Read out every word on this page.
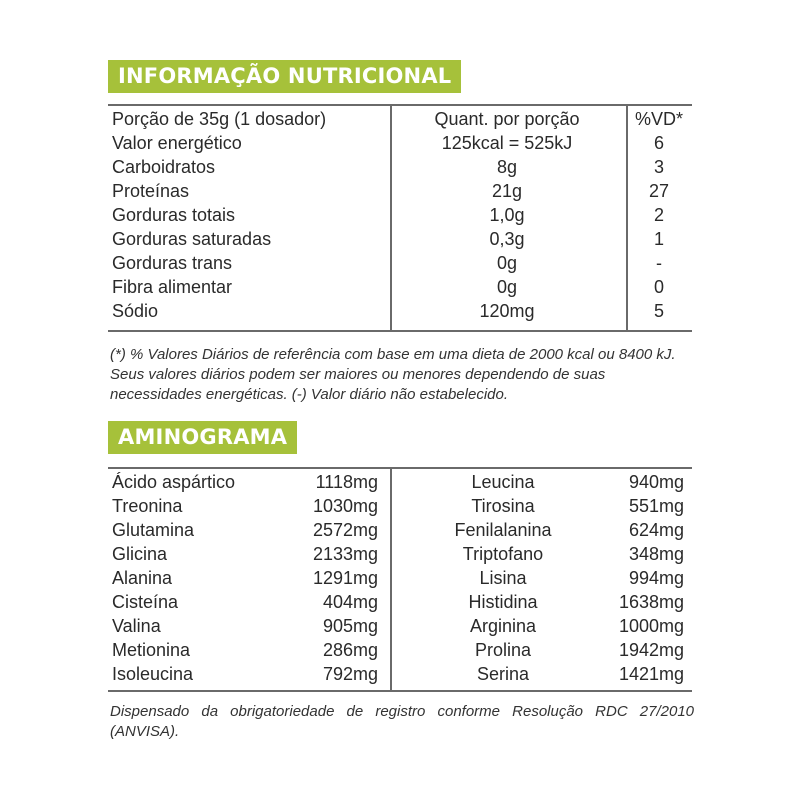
INFORMAÇÃO NUTRICIONAL
Porção de 35g (1 dosador)	Quant. por porção	%VD*
Valor energético	125kcal = 525kJ	6
Carboidratos	8g	3
Proteínas	21g	27
Gorduras totais	1,0g	2
Gorduras saturadas	0,3g	1
Gorduras trans	0g	-
Fibra alimentar	0g	0
Sódio	120mg	5
(*) % Valores Diários de referência com base em uma dieta de 2000 kcal ou 8400 kJ. Seus valores diários podem ser maiores ou menores dependendo de suas necessidades energéticas. (-) Valor diário não estabelecido.
AMINOGRAMA
Ácido aspártico	1118mg	Leucina	940mg
Treonina	1030mg	Tirosina	551mg
Glutamina	2572mg	Fenilalanina	624mg
Glicina	2133mg	Triptofano	348mg
Alanina	1291mg	Lisina	994mg
Cisteína	404mg	Histidina	1638mg
Valina	905mg	Arginina	1000mg
Metionina	286mg	Prolina	1942mg
Isoleucina	792mg	Serina	1421mg
Dispensado da obrigatoriedade de registro conforme Resolução RDC 27/2010 (ANVISA).
